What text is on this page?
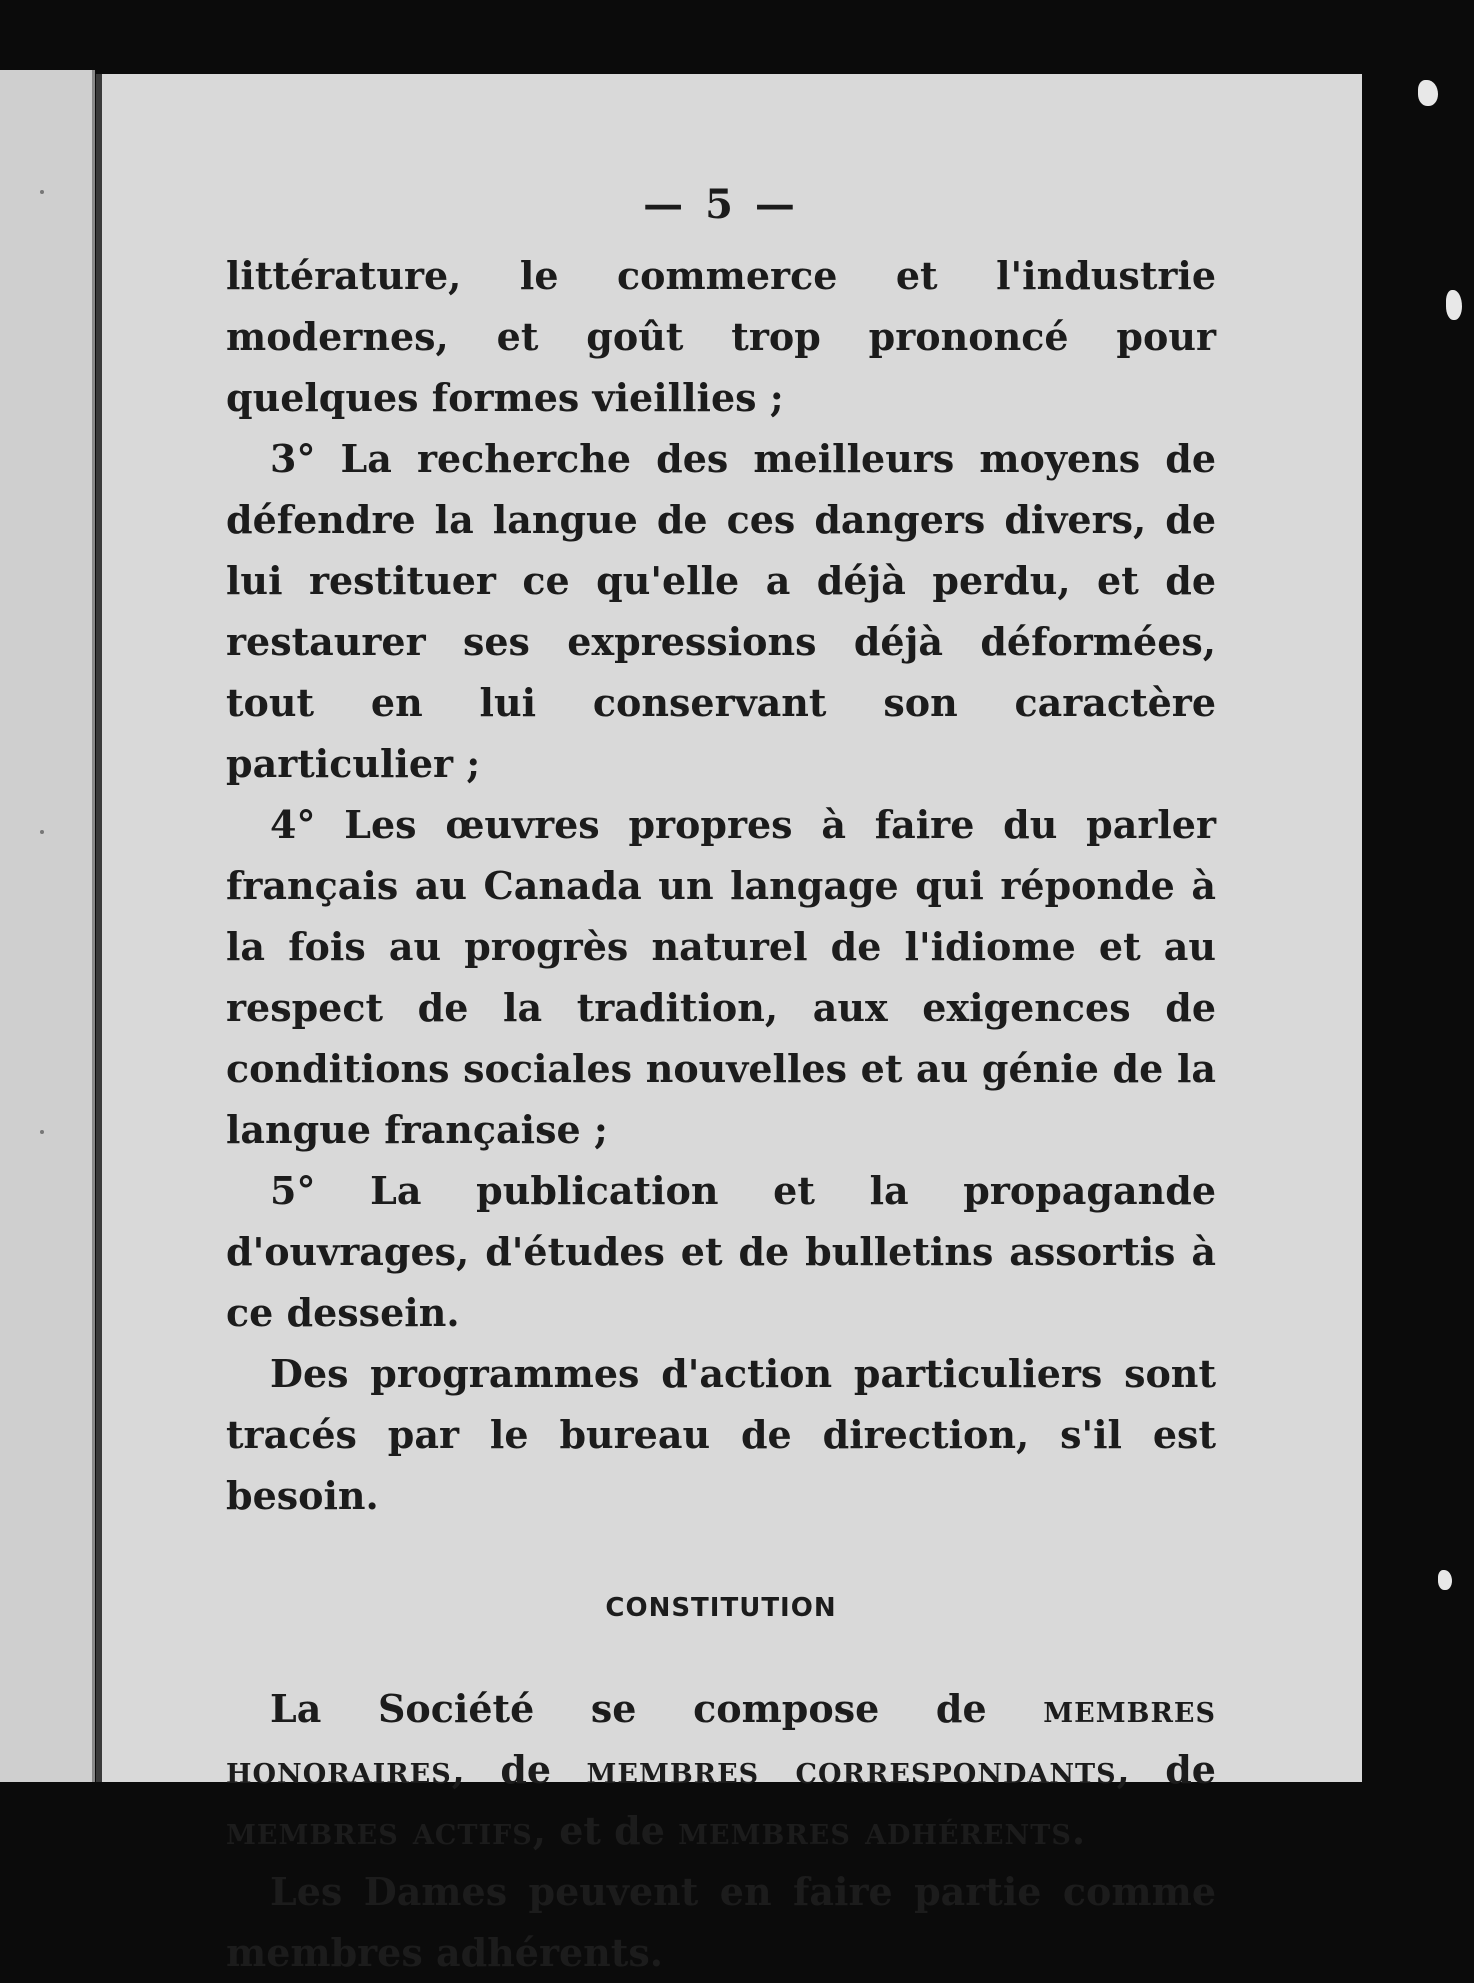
— 5 —

littérature, le commerce et l'industrie modernes, et goût trop prononcé pour quelques formes vieillies ;

3° La recherche des meilleurs moyens de défendre la langue de ces dangers divers, de lui restituer ce qu'elle a déjà perdu, et de restaurer ses expressions déjà déformées, tout en lui conservant son caractère particulier ;

4° Les œuvres propres à faire du parler français au Canada un langage qui réponde à la fois au progrès naturel de l'idiome et au respect de la tradition, aux exigences de conditions sociales nouvelles et au génie de la langue française ;

5° La publication et la propagande d'ouvrages, d'études et de bulletins assortis à ce dessein.

Des programmes d'action particuliers sont tracés par le bureau de direction, s'il est besoin.

CONSTITUTION

La Société se compose de membres honoraires, de membres correspondants, de membres actifs, et de membres adhérents.

Les Dames peuvent en faire partie comme membres adhérents.
